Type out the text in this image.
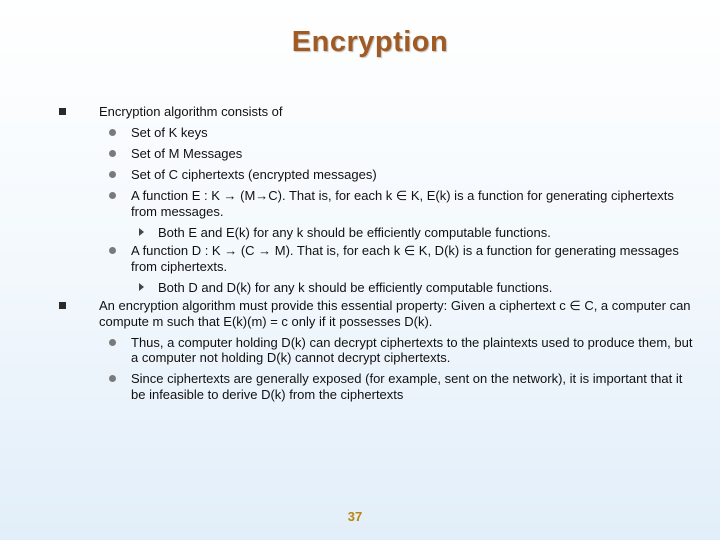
Encryption
Encryption algorithm consists of
Set of K keys
Set of M Messages
Set of C ciphertexts (encrypted messages)
A function E : K → (M→C). That is, for each k ∈ K, E(k) is a function for generating ciphertexts from messages.
Both E and E(k) for any k should be efficiently computable functions.
A function D : K → (C → M). That is, for each k ∈ K, D(k) is a function for generating messages from ciphertexts.
Both D and D(k) for any k should be efficiently computable functions.
An encryption algorithm must provide this essential property: Given a ciphertext c ∈ C, a computer can compute m such that E(k)(m) = c only if it possesses D(k).
Thus, a computer holding D(k) can decrypt ciphertexts to the plaintexts used to produce them, but a computer not holding D(k) cannot decrypt ciphertexts.
Since ciphertexts are generally exposed (for example, sent on the network), it is important that it be infeasible to derive D(k) from the ciphertexts
37
